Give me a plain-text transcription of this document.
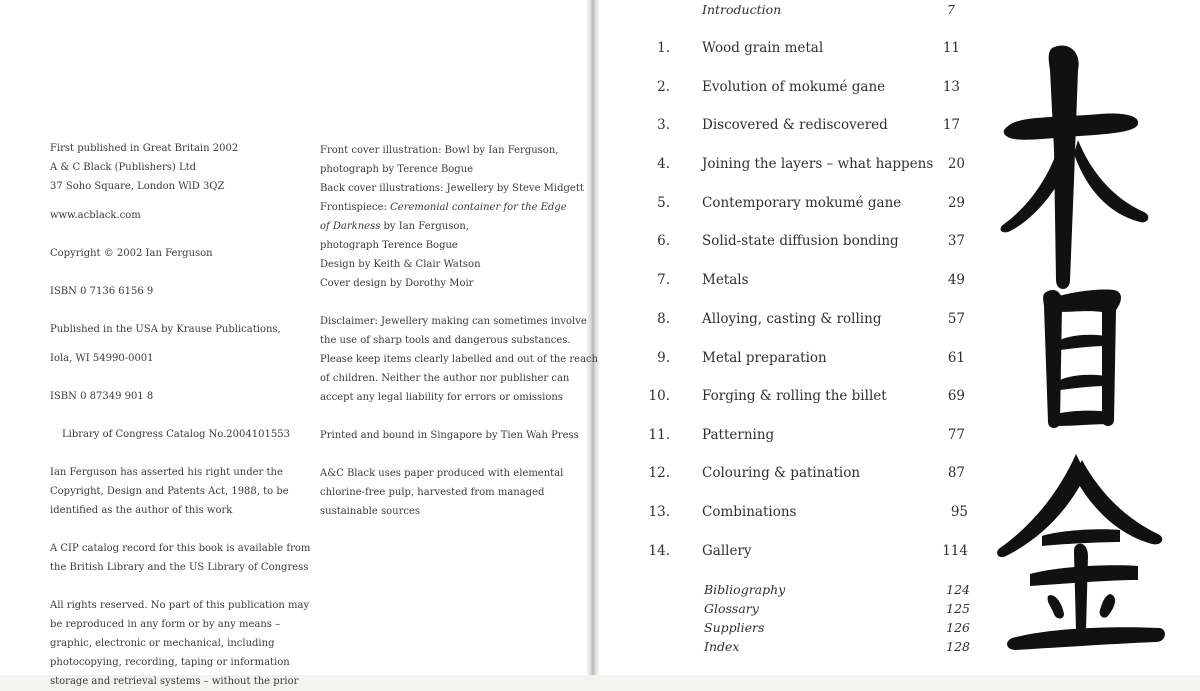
First published in Great Britain 2002

A & C Black (Publishers) Ltd

37 Soho Square, London WlD 3QZ

www.acblack.com

Copyright © 2002 Ian Ferguson

ISBN 0 7136 6156 9

Published in the USA by Krause Publications,

Iola, WI 54990-0001

ISBN 0 87349 901 8

Library of Congress Catalog No.2004101553

Ian Ferguson has asserted his right under the

Copyright, Design and Patents Act, 1988, to be

identified as the author of this work

A CIP catalog record for this book is available from

the British Library and the US Library of Congress

All rights reserved. No part of this publication may

be reproduced in any form or by any means –

graphic, electronic or mechanical, including

photocopying, recording, taping or information

storage and retrieval systems – without the prior

Front cover illustration: Bowl by Ian Ferguson,

photograph by Terence Bogue

Back cover illustrations: Jewellery by Steve Midgett

Frontispiece: Ceremonial container for the Edge

of Darkness by Ian Ferguson,

photograph Terence Bogue

Design by Keith & Clair Watson

Cover design by Dorothy Moir

Disclaimer: Jewellery making can sometimes involve

the use of sharp tools and dangerous substances.

Please keep items clearly labelled and out of the reach

of children. Neither the author nor publisher can

accept any legal liability for errors or omissions

Printed and bound in Singapore by Tien Wah Press

A&C Black uses paper produced with elemental

chlorine-free pulp, harvested from managed

sustainable sources

Introduction	7
1. Wood grain metal	11
2. Evolution of mokumé gane	13
3. Discovered & rediscovered	17
4. Joining the layers – what happens	20
5. Contemporary mokumé gane	29
6. Solid-state diffusion bonding	37
7. Metals	49
8. Alloying, casting & rolling	57
9. Metal preparation	61
10. Forging & rolling the billet	69
11. Patterning	77
12. Colouring & patination	87
13. Combinations	95
14. Gallery	114
Bibliography	124
Glossary	125
Suppliers	126
Index	128
